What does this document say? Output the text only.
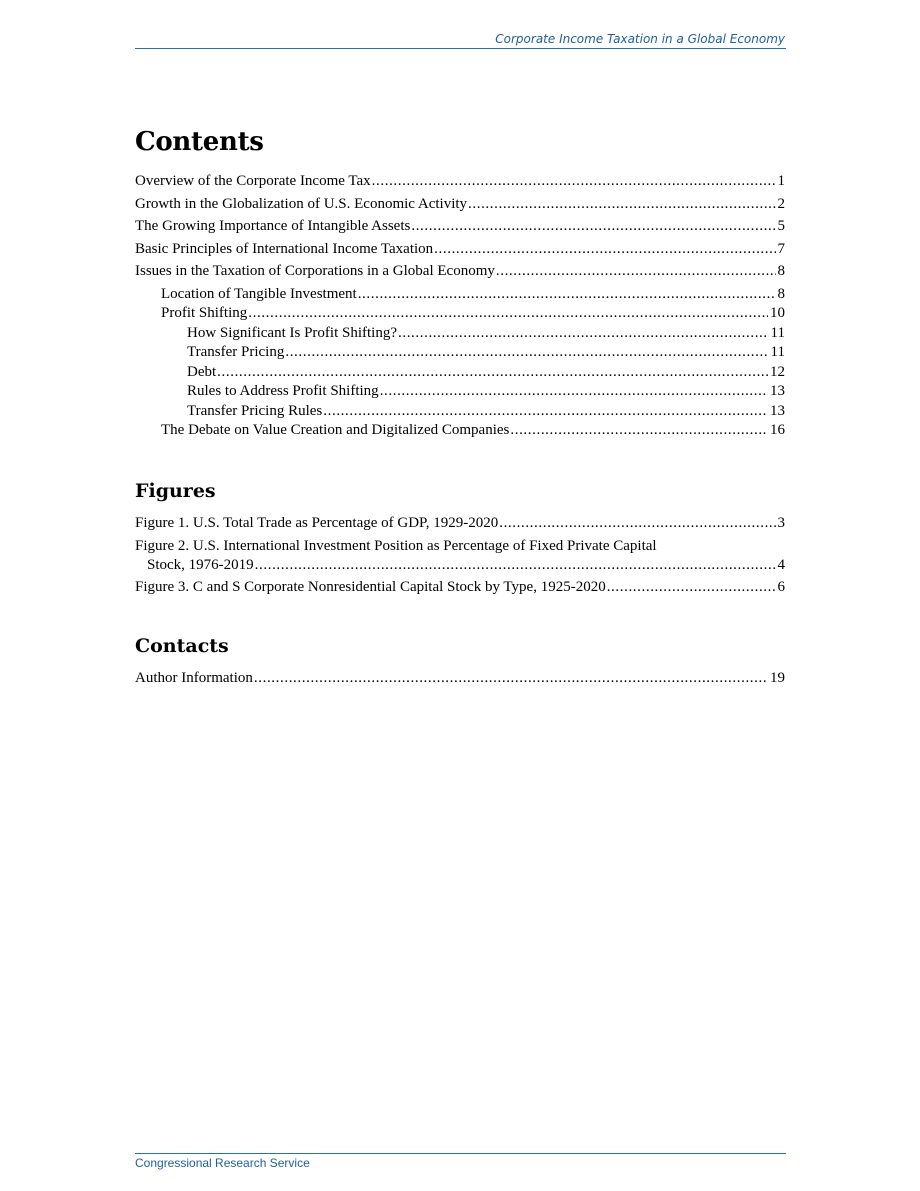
Corporate Income Taxation in a Global Economy
Contents
Overview of the Corporate Income Tax .....	1
Growth in the Globalization of U.S. Economic Activity .....	2
The Growing Importance of Intangible Assets .....	5
Basic Principles of International Income Taxation .....	7
Issues in the Taxation of Corporations in a Global Economy .....	8
Location of Tangible Investment .....	8
Profit Shifting .....	10
How Significant Is Profit Shifting? .....	11
Transfer Pricing .....	11
Debt .....	12
Rules to Address Profit Shifting .....	13
Transfer Pricing Rules .....	13
The Debate on Value Creation and Digitalized Companies .....	16
Figures
Figure 1. U.S. Total Trade as Percentage of GDP, 1929-2020 .....	3
Figure 2. U.S. International Investment Position as Percentage of Fixed Private Capital
Stock, 1976-2019 .....	4
Figure 3. C and S Corporate Nonresidential Capital Stock by Type, 1925-2020 .....	6
Contacts
Author Information .....	19
Congressional Research Service
